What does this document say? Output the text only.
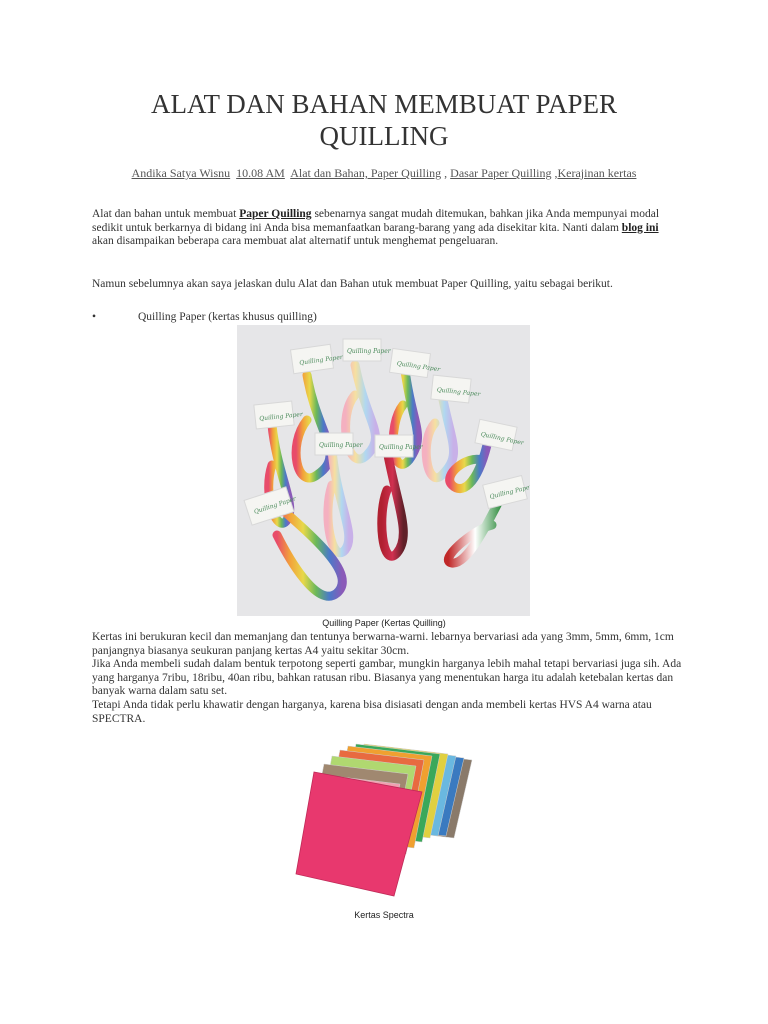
ALAT DAN BAHAN MEMBUAT PAPER QUILLING
Andika Satya Wisnu 10.08 AM Alat dan Bahan, Paper Quilling , Dasar Paper Quilling ,Kerajinan kertas
Alat dan bahan untuk membuat Paper Quilling sebenarnya sangat mudah ditemukan, bahkan jika Anda mempunyai modal sedikit untuk berkarnya di bidang ini Anda bisa memanfaatkan barang-barang yang ada disekitar kita. Nanti dalam blog ini akan disampaikan beberapa cara membuat alat alternatif untuk menghemat pengeluaran.
Namun sebelumnya akan saya jelaskan dulu Alat dan Bahan utuk membuat Paper Quilling, yaitu sebagai berikut.
•	Quilling Paper (kertas khusus quilling)
Quilling Paper
Quilling Paper
Quilling Paper
Quilling Paper
Quilling Paper
Quilling Paper
Quilling Paper	Quilling Paper
Quilling Paper
Quilling Paper
Quilling Paper (Kertas Quilling)
Kertas ini berukuran kecil dan memanjang dan tentunya berwarna-warni. lebarnya bervariasi ada yang 3mm, 5mm, 6mm, 1cm panjangnya biasanya seukuran panjang kertas A4 yaitu sekitar 30cm.
Jika Anda membeli sudah dalam bentuk terpotong seperti gambar, mungkin harganya lebih mahal tetapi bervariasi juga sih. Ada yang harganya 7ribu, 18ribu, 40an ribu, bahkan ratusan ribu. Biasanya yang menentukan harga itu adalah ketebalan kertas dan banyak warna dalam satu set.
Tetapi Anda tidak perlu khawatir dengan harganya, karena bisa disiasati dengan anda membeli kertas HVS A4 warna atau SPECTRA.
Kertas Spectra
